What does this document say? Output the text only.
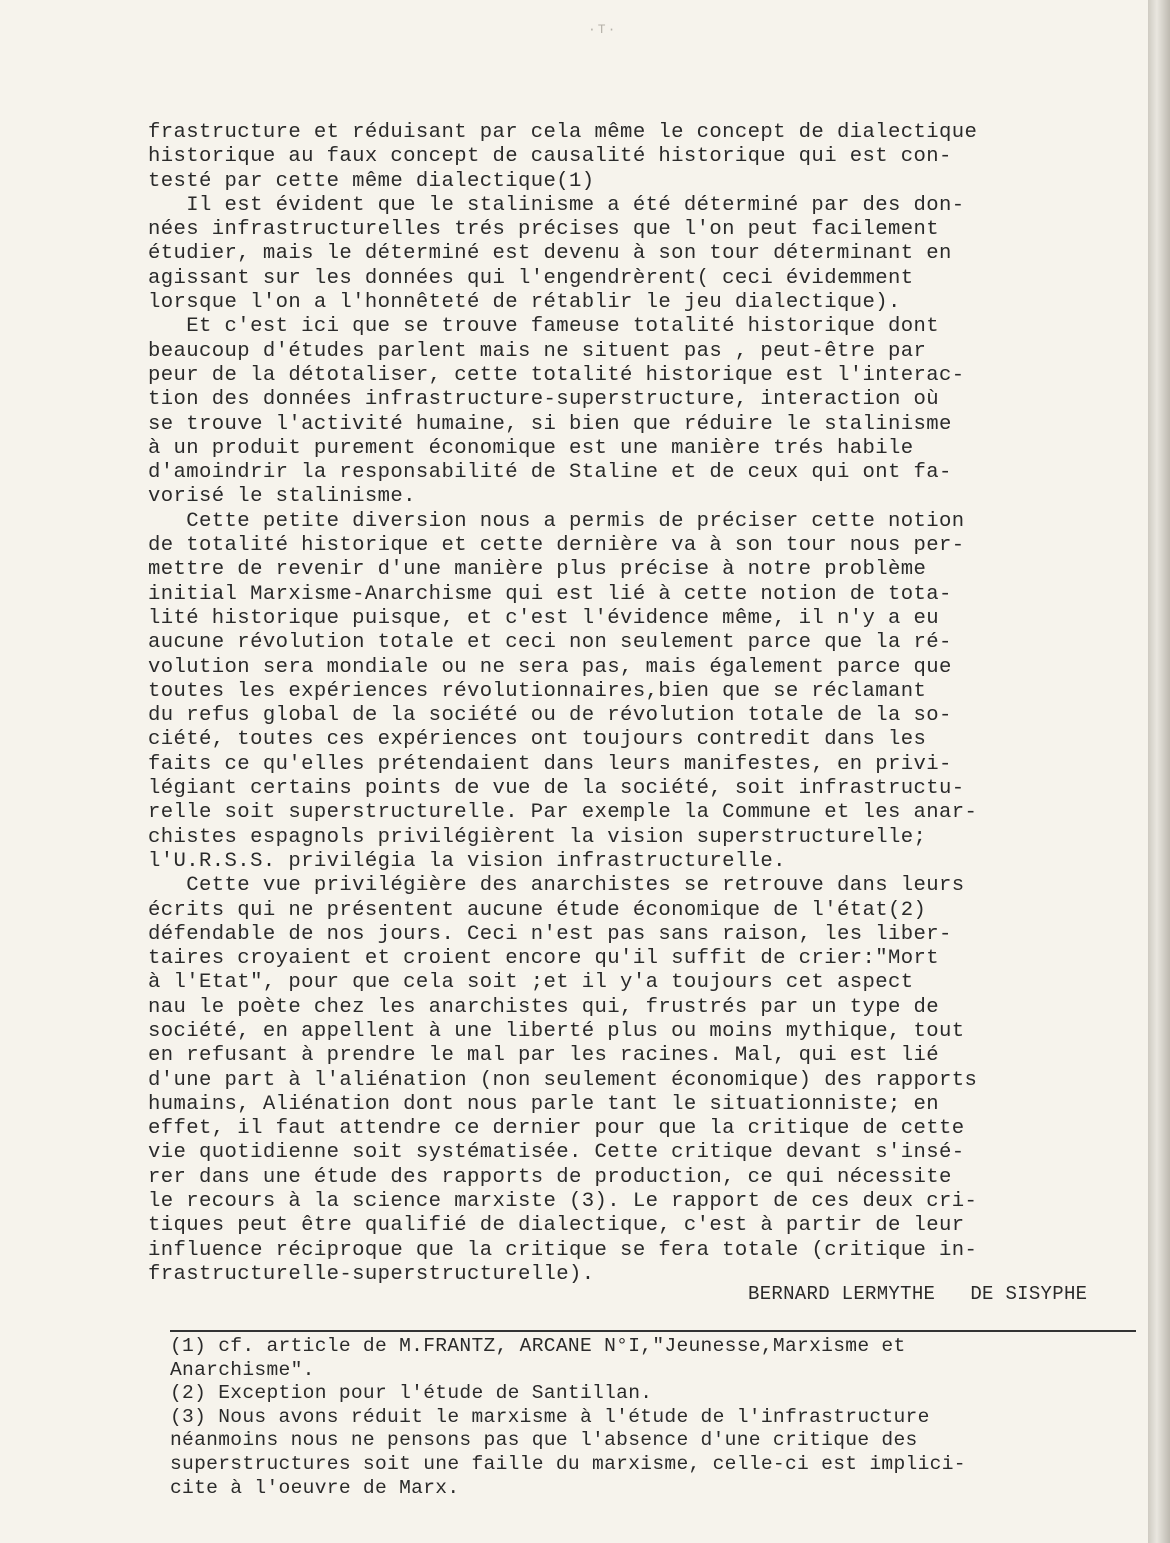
·T·
frastructure et réduisant par cela même le concept de dialectique
historique au faux concept de causalité historique qui est con-
testé par cette même dialectique(1)
Il est évident que le stalinisme a été déterminé par des don-
nées infrastructurelles trés précises que l'on peut facilement
étudier, mais le déterminé est devenu à son tour déterminant en
agissant sur les données qui l'engendrèrent( ceci évidemment
lorsque l'on a l'honnêteté de rétablir le jeu dialectique).
Et c'est ici que se trouve fameuse totalité historique dont
beaucoup d'études parlent mais ne situent pas , peut-être par
peur de la détotaliser, cette totalité historique est l'interac-
tion des données infrastructure-superstructure, interaction où
se trouve l'activité humaine, si bien que réduire le stalinisme
à un produit purement économique est une manière trés habile
d'amoindrir la responsabilité de Staline et de ceux qui ont fa-
vorisé le stalinisme.
Cette petite diversion nous a permis de préciser cette notion
de totalité historique et cette dernière va à son tour nous per-
mettre de revenir d'une manière plus précise à notre problème
initial Marxisme-Anarchisme qui est lié à cette notion de tota-
lité historique puisque, et c'est l'évidence même, il n'y a eu
aucune révolution totale et ceci non seulement parce que la ré-
volution sera mondiale ou ne sera pas, mais également parce que
toutes les expériences révolutionnaires,bien que se réclamant
du refus global de la société ou de révolution totale de la so-
ciété, toutes ces expériences ont toujours contredit dans les
faits ce qu'elles prétendaient dans leurs manifestes, en privi-
légiant certains points de vue de la société, soit infrastructu-
relle soit superstructurelle. Par exemple la Commune et les anar-
chistes espagnols privilégièrent la vision superstructurelle;
l'U.R.S.S. privilégia la vision infrastructurelle.
Cette vue privilégière des anarchistes se retrouve dans leurs
écrits qui ne présentent aucune étude économique de l'état(2)
défendable de nos jours. Ceci n'est pas sans raison, les liber-
taires croyaient et croient encore qu'il suffit de crier:"Mort
à l'Etat", pour que cela soit ;et il y'a toujours cet aspect
nau le poète chez les anarchistes qui, frustrés par un type de
société, en appellent à une liberté plus ou moins mythique, tout
en refusant à prendre le mal par les racines. Mal, qui est lié
d'une part à l'aliénation (non seulement économique) des rapports
humains, Aliénation dont nous parle tant le situationniste; en
effet, il faut attendre ce dernier pour que la critique de cette
vie quotidienne soit systématisée. Cette critique devant s'insé-
rer dans une étude des rapports de production, ce qui nécessite
le recours à la science marxiste (3). Le rapport de ces deux cri-
tiques peut être qualifié de dialectique, c'est à partir de leur
influence réciproque que la critique se fera totale (critique in-
frastructurelle-superstructurelle).
BERNARD LERMYTHE   DE SISYPHE
(1) cf. article de M.FRANTZ, ARCANE N°I,"Jeunesse,Marxisme et
Anarchisme".
(2) Exception pour l'étude de Santillan.
(3) Nous avons réduit le marxisme à l'étude de l'infrastructure
néanmoins nous ne pensons pas que l'absence d'une critique des
superstructures soit une faille du marxisme, celle-ci est implici-
cite à l'oeuvre de Marx.
